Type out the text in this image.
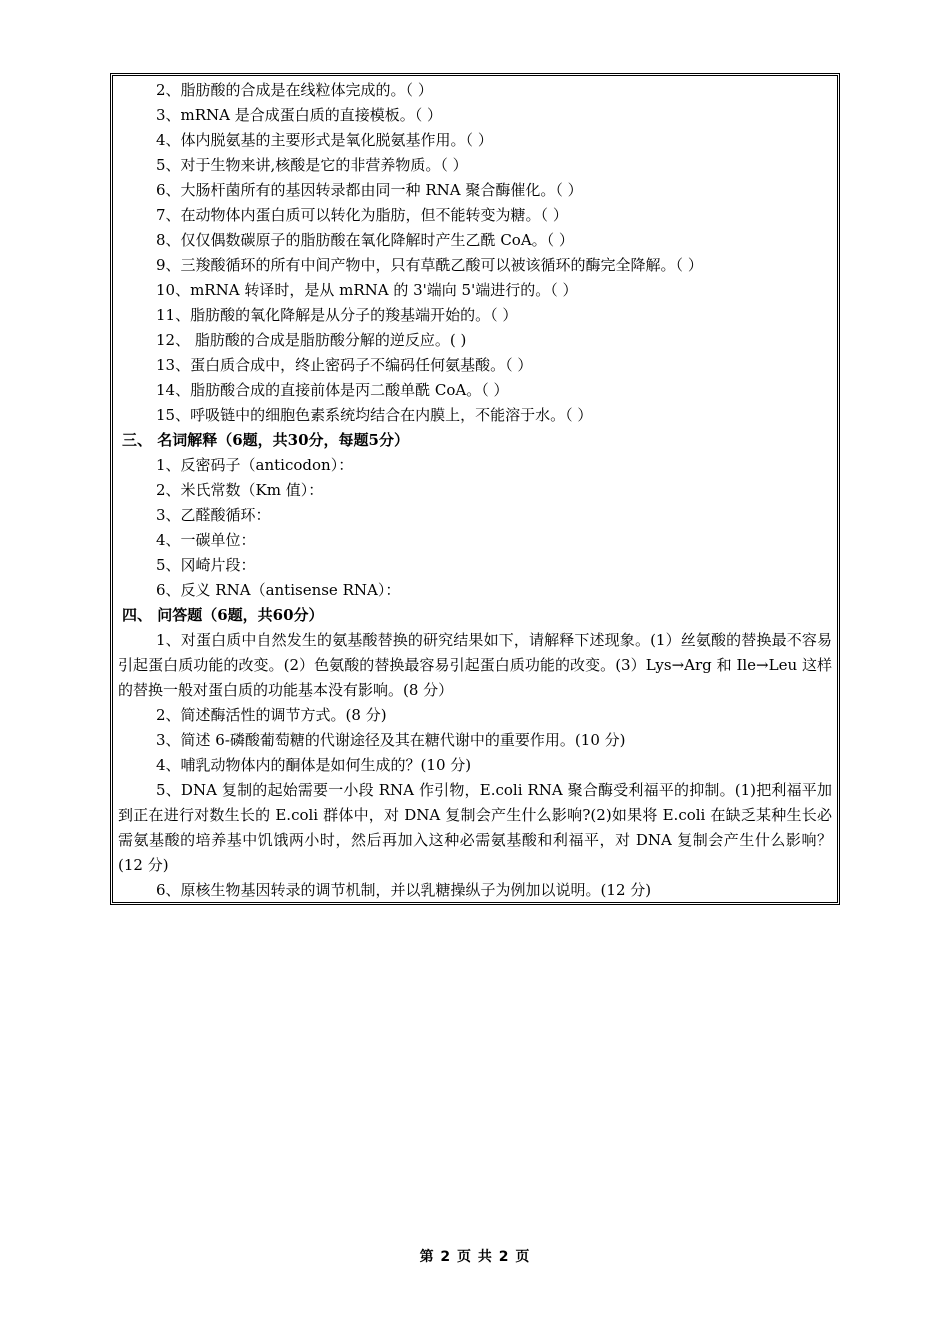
2、脂肪酸的合成是在线粒体完成的。（ ）
3、mRNA 是合成蛋白质的直接模板。（ ）
4、体内脱氨基的主要形式是氧化脱氨基作用。（ ）
5、对于生物来讲,核酸是它的非营养物质。（ ）
6、大肠杆菌所有的基因转录都由同一种 RNA 聚合酶催化。（ ）
7、在动物体内蛋白质可以转化为脂肪，但不能转变为糖。（ ）
8、仅仅偶数碳原子的脂肪酸在氧化降解时产生乙酰 CoA。（ ）
9、三羧酸循环的所有中间产物中，只有草酰乙酸可以被该循环的酶完全降解。（ ）
10、mRNA 转译时，是从 mRNA 的 3'端向 5'端进行的。（ ）
11、脂肪酸的氧化降解是从分子的羧基端开始的。（ ）
12、 脂肪酸的合成是脂肪酸分解的逆反应。( )
13、蛋白质合成中，终止密码子不编码任何氨基酸。（ ）
14、脂肪酸合成的直接前体是丙二酸单酰 CoA。（ ）
15、呼吸链中的细胞色素系统均结合在内膜上，不能溶于水。（ ）
三、 名词解释（6题，共30分，每题5分）
1、反密码子（anticodon）：
2、米氏常数（Km 值）：
3、乙醛酸循环：
4、一碳单位：
5、冈崎片段：
6、反义 RNA（antisense RNA）：
四、 问答题（6题，共60分）
1、对蛋白质中自然发生的氨基酸替换的研究结果如下，请解释下述现象。(1）丝氨酸的替换最不容易引起蛋白质功能的改变。(2）色氨酸的替换最容易引起蛋白质功能的改变。(3）Lys→Arg 和 Ile→Leu 这样的替换一般对蛋白质的功能基本没有影响。(8 分）
2、简述酶活性的调节方式。(8 分)
3、简述 6-磷酸葡萄糖的代谢途径及其在糖代谢中的重要作用。(10 分)
4、哺乳动物体内的酮体是如何生成的？(10 分)
5、DNA 复制的起始需要一小段 RNA 作引物，E.coli RNA 聚合酶受利福平的抑制。(1)把利福平加到正在进行对数生长的 E.coli 群体中，对 DNA 复制会产生什么影响?(2)如果将 E.coli 在缺乏某种生长必需氨基酸的培养基中饥饿两小时，然后再加入这种必需氨基酸和利福平，对 DNA 复制会产生什么影响？ (12 分)
6、原核生物基因转录的调节机制，并以乳糖操纵子为例加以说明。(12 分)
第 2 页 共 2 页
